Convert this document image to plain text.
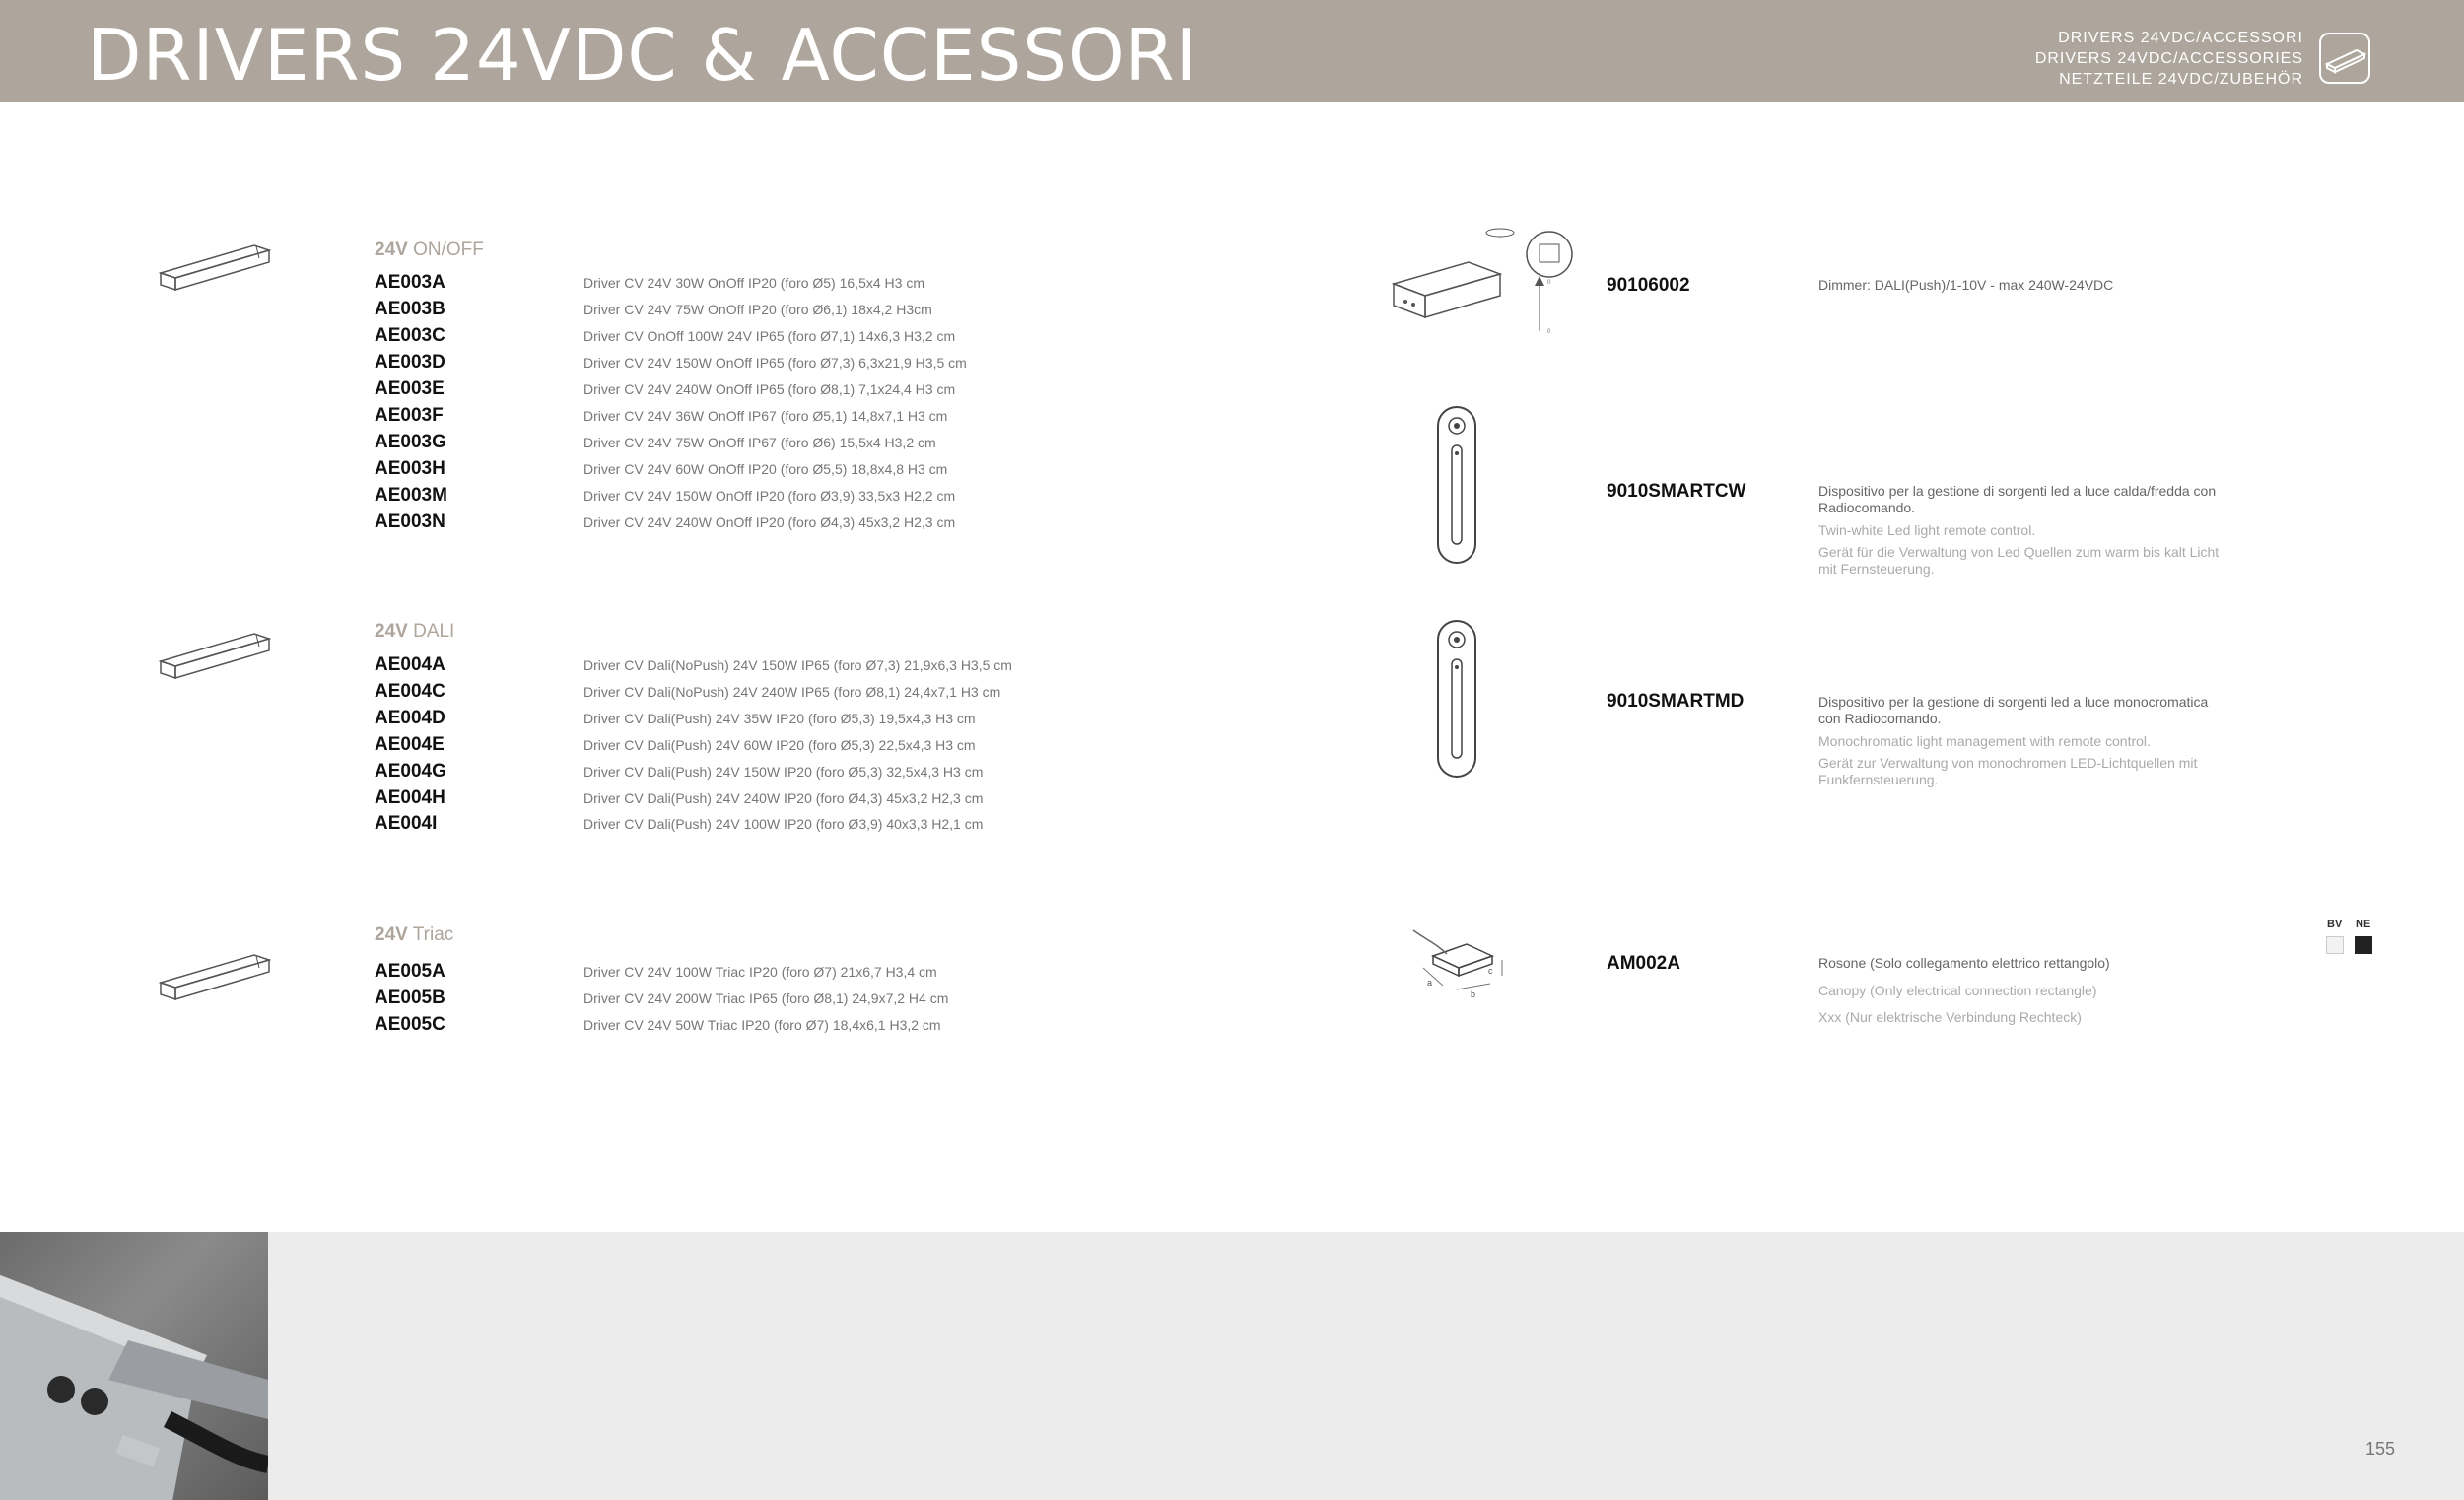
DRIVERS 24VDC & ACCESSORI	DRIVERS 24VDC/ACCESSORI
DRIVERS 24VDC/ACCESSORIES
NETZTEILE 24VDC/ZUBEHÖR
24V ON/OFF
24V DALI
24V Triac
AE003A	Driver CV 24V 30W OnOff IP20 (foro Ø5) 16,5x4 H3 cm
AE003B	Driver CV 24V 75W OnOff IP20 (foro Ø6,1) 18x4,2 H3cm
AE003C	Driver CV OnOff 100W 24V IP65 (foro Ø7,1) 14x6,3 H3,2 cm
AE003D	Driver CV 24V 150W OnOff IP65 (foro Ø7,3) 6,3x21,9 H3,5 cm
AE003E	Driver CV 24V 240W OnOff IP65 (foro Ø8,1) 7,1x24,4 H3 cm
AE003F	Driver CV 24V 36W OnOff IP67 (foro Ø5,1) 14,8x7,1 H3 cm
AE003G	Driver CV 24V 75W OnOff IP67 (foro Ø6) 15,5x4 H3,2 cm
AE003H	Driver CV 24V 60W OnOff IP20 (foro Ø5,5) 18,8x4,8 H3 cm
AE003M	Driver CV 24V 150W OnOff IP20 (foro Ø3,9) 33,5x3 H2,2 cm
AE003N	Driver CV 24V 240W OnOff IP20 (foro Ø4,3) 45x3,2 H2,3 cm
AE004A	Driver CV Dali(NoPush) 24V 150W IP65 (foro Ø7,3) 21,9x6,3 H3,5 cm
AE004C	Driver CV Dali(NoPush) 24V 240W IP65 (foro Ø8,1) 24,4x7,1 H3 cm
AE004D	Driver CV Dali(Push) 24V 35W IP20 (foro Ø5,3) 19,5x4,3 H3 cm
AE004E	Driver CV Dali(Push) 24V 60W IP20 (foro Ø5,3) 22,5x4,3 H3 cm
AE004G	Driver CV Dali(Push) 24V 150W IP20 (foro Ø5,3) 32,5x4,3 H3 cm
AE004H	Driver CV Dali(Push) 24V 240W IP20 (foro Ø4,3) 45x3,2 H2,3 cm
AE004I	Driver CV Dali(Push) 24V 100W IP20 (foro Ø3,9) 40x3,3 H2,1 cm
AE005A	Driver CV 24V 100W Triac IP20 (foro Ø7) 21x6,7 H3,4 cm
AE005B	Driver CV 24V 200W Triac IP65 (foro Ø8,1) 24,9x7,2 H4 cm
AE005C	Driver CV 24V 50W Triac IP20 (foro Ø7) 18,4x6,1 H3,2 cm
0
0
a
b
c
90106002	Dimmer: DALI(Push)/1-10V - max 240W-24VDC
9010SMARTCW	Dispositivo per la gestione di sorgenti led a luce calda/fredda con Radiocomando.
Twin-white Led light remote control.
Gerät für die Verwaltung von Led Quellen zum warm bis kalt Licht mit Fernsteuerung.
9010SMARTMD	Dispositivo per la gestione di sorgenti led a luce monocromatica con Radiocomando.
Monochromatic light management with remote control.
Gerät zur Verwaltung von monochromen LED-Lichtquellen mit Funkfernsteuerung.
AM002A	Rosone (Solo collegamento elettrico rettangolo)
Canopy (Only electrical connection rectangle)
Xxx (Nur elektrische Verbindung Rechteck)
BV NE
155
